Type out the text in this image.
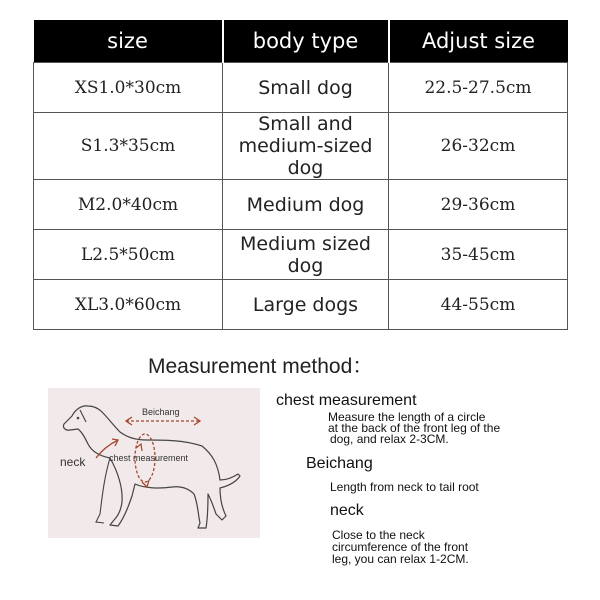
size	body type	Adjust size
XS1.0*30cm	Small dog	22.5-27.5cm
S1.3*35cm	Small and medium-sized dog	26-32cm
M2.0*40cm	Medium dog	29-36cm
L2.5*50cm	Medium sized dog	35-45cm
XL3.0*60cm	Large dogs	44-55cm
Measurement method：
Beichang
neck	chest measurement
chest measurement
Measure the length of a circle
at the back of the front leg of the
dog, and relax 2-3CM.
Beichang
Length from neck to tail root
neck
Close to the neck
circumference of the front
leg, you can relax 1-2CM.
